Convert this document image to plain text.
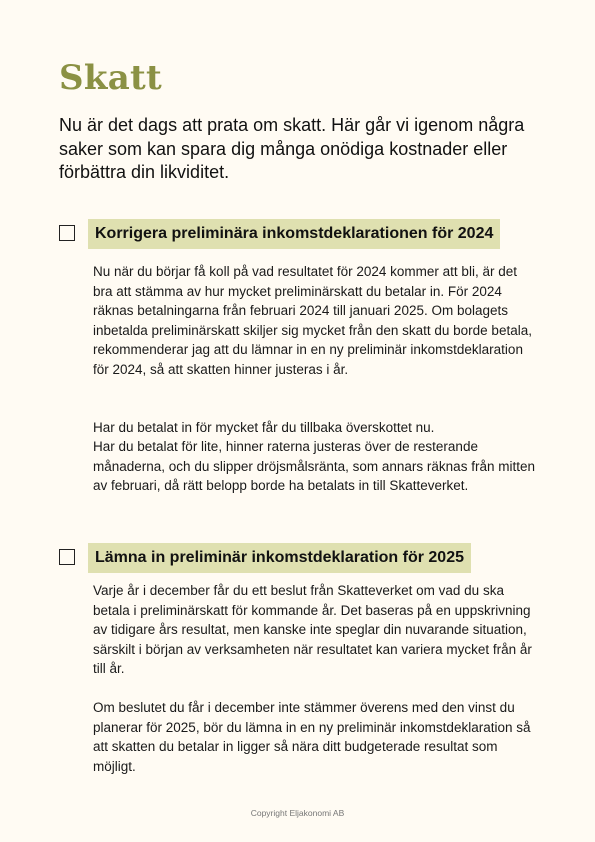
Skatt

Nu är det dags att prata om skatt. Här går vi igenom några saker som kan spara dig många onödiga kostnader eller förbättra din likviditet.

Korrigera preliminära inkomstdeklarationen för 2024

Nu när du börjar få koll på vad resultatet för 2024 kommer att bli, är det bra att stämma av hur mycket preliminärskatt du betalar in. För 2024 räknas betalningarna från februari 2024 till januari 2025. Om bolagets inbetalda preliminärskatt skiljer sig mycket från den skatt du borde betala, rekommenderar jag att du lämnar in en ny preliminär inkomstdeklaration för 2024, så att skatten hinner justeras i år.

Har du betalat in för mycket får du tillbaka överskottet nu.

Har du betalat för lite, hinner raterna justeras över de resterande månaderna, och du slipper dröjsmålsränta, som annars räknas från mitten av februari, då rätt belopp borde ha betalats in till Skatteverket.

Lämna in preliminär inkomstdeklaration för 2025

Varje år i december får du ett beslut från Skatteverket om vad du ska betala i preliminärskatt för kommande år. Det baseras på en uppskrivning av tidigare års resultat, men kanske inte speglar din nuvarande situation, särskilt i början av verksamheten när resultatet kan variera mycket från år till år.

Om beslutet du får i december inte stämmer överens med den vinst du planerar för 2025, bör du lämna in en ny preliminär inkomstdeklaration så att skatten du betalar in ligger så nära ditt budgeterade resultat som möjligt.

Copyright Eljakonomi AB
